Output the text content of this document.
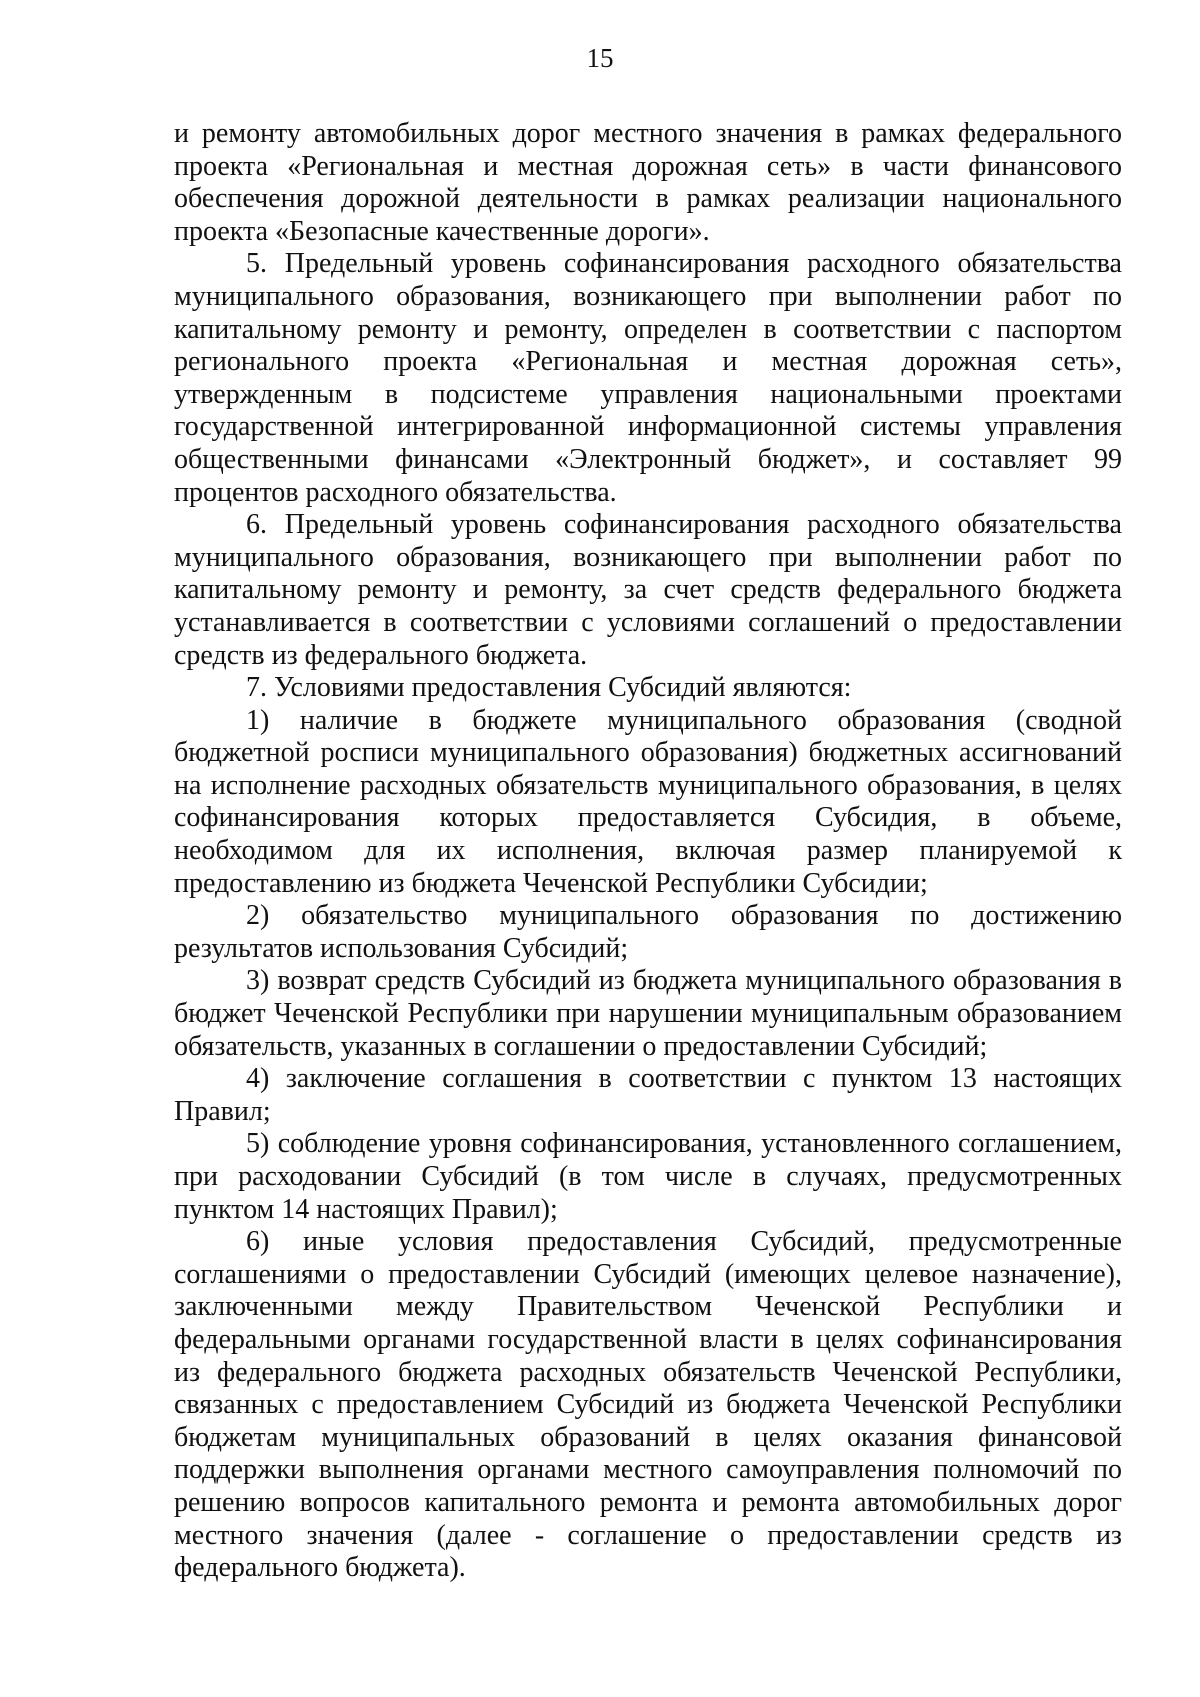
15

и ремонту автомобильных дорог местного значения в рамках федерального проекта «Региональная и местная дорожная сеть» в части финансового обеспечения дорожной деятельности в рамках реализации национального проекта «Безопасные качественные дороги».

5. Предельный уровень софинансирования расходного обязательства муниципального образования, возникающего при выполнении работ по капитальному ремонту и ремонту, определен в соответствии с паспортом регионального проекта «Региональная и местная дорожная сеть», утвержденным в подсистеме управления национальными проектами государственной интегрированной информационной системы управления общественными финансами «Электронный бюджет», и составляет 99 процентов расходного обязательства.

6. Предельный уровень софинансирования расходного обязательства муниципального образования, возникающего при выполнении работ по капитальному ремонту и ремонту, за счет средств федерального бюджета устанавливается в соответствии с условиями соглашений о предоставлении средств из федерального бюджета.

7. Условиями предоставления Субсидий являются:

1) наличие в бюджете муниципального образования (сводной бюджетной росписи муниципального образования) бюджетных ассигнований на исполнение расходных обязательств муниципального образования, в целях софинансирования которых предоставляется Субсидия, в объеме, необходимом для их исполнения, включая размер планируемой к предоставлению из бюджета Чеченской Республики Субсидии;

2) обязательство муниципального образования по достижению результатов использования Субсидий;

3) возврат средств Субсидий из бюджета муниципального образования в бюджет Чеченской Республики при нарушении муниципальным образованием обязательств, указанных в соглашении о предоставлении Субсидий;

4) заключение соглашения в соответствии с пунктом 13 настоящих Правил;

5) соблюдение уровня софинансирования, установленного соглашением, при расходовании Субсидий (в том числе в случаях, предусмотренных пунктом 14 настоящих Правил);

6) иные условия предоставления Субсидий, предусмотренные соглашениями о предоставлении Субсидий (имеющих целевое назначение), заключенными между Правительством Чеченской Республики и федеральными органами государственной власти в целях софинансирования из федерального бюджета расходных обязательств Чеченской Республики, связанных с предоставлением Субсидий из бюджета Чеченской Республики бюджетам муниципальных образований в целях оказания финансовой поддержки выполнения органами местного самоуправления полномочий по решению вопросов капитального ремонта и ремонта автомобильных дорог местного значения (далее - соглашение о предоставлении средств из федерального бюджета).
